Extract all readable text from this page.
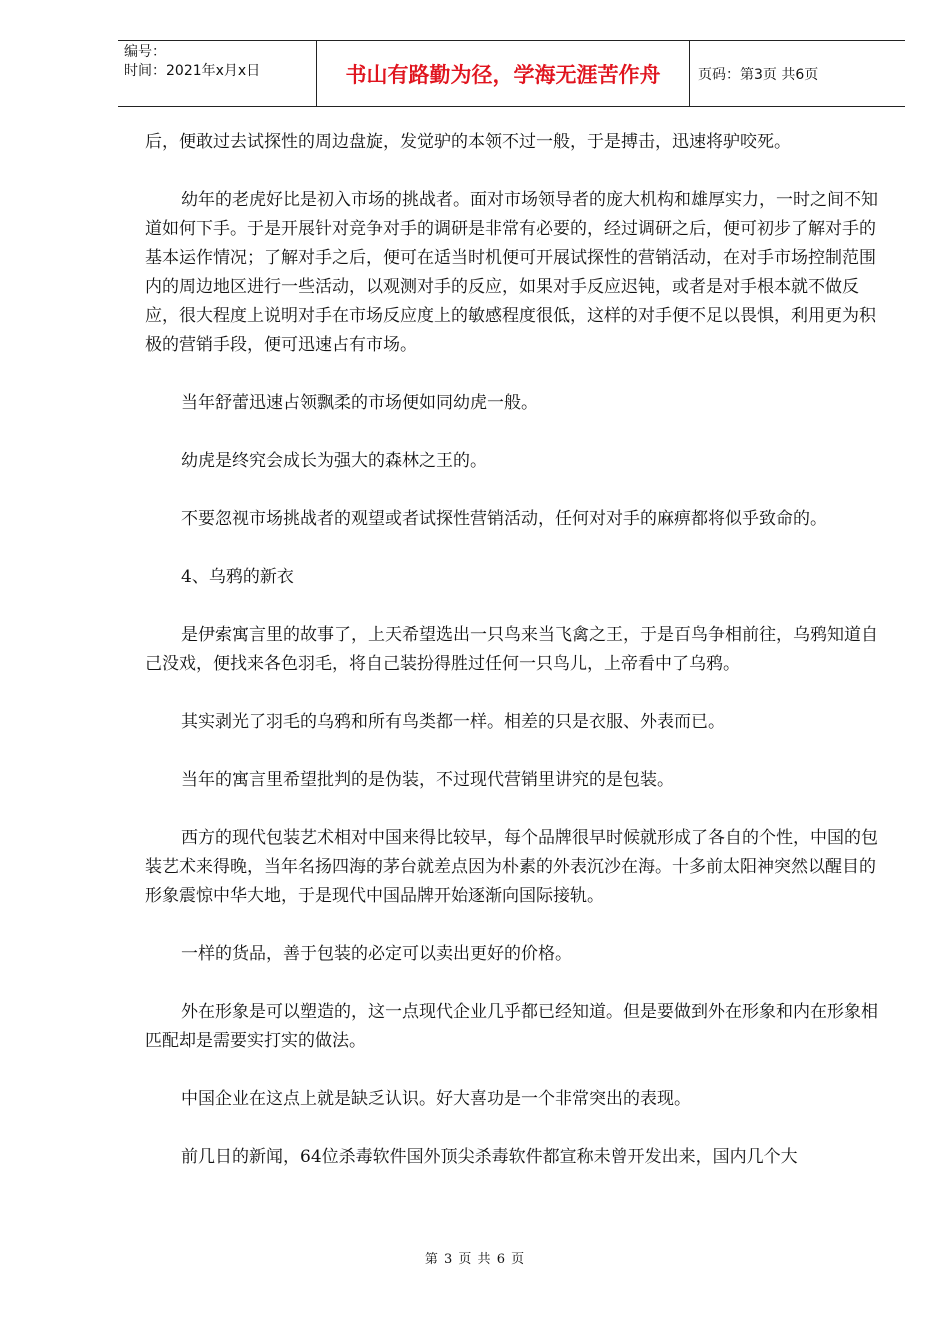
编号：
时间：2021年x月x日	书山有路勤为径，学海无涯苦作舟	页码：第3页 共6页

后，便敢过去试探性的周边盘旋，发觉驴的本领不过一般，于是搏击，迅速将驴咬死。

幼年的老虎好比是初入市场的挑战者。面对市场领导者的庞大机构和雄厚实力，一时之间不知道如何下手。于是开展针对竞争对手的调研是非常有必要的，经过调研之后，便可初步了解对手的基本运作情况；了解对手之后，便可在适当时机便可开展试探性的营销活动，在对手市场控制范围内的周边地区进行一些活动，以观测对手的反应，如果对手反应迟钝，或者是对手根本就不做反应，很大程度上说明对手在市场反应度上的敏感程度很低，这样的对手便不足以畏惧，利用更为积极的营销手段，便可迅速占有市场。

当年舒蕾迅速占领飘柔的市场便如同幼虎一般。

幼虎是终究会成长为强大的森林之王的。

不要忽视市场挑战者的观望或者试探性营销活动，任何对对手的麻痹都将似乎致命的。

4、乌鸦的新衣

是伊索寓言里的故事了，上天希望选出一只鸟来当飞禽之王，于是百鸟争相前往，乌鸦知道自己没戏，便找来各色羽毛，将自己装扮得胜过任何一只鸟儿，上帝看中了乌鸦。

其实剥光了羽毛的乌鸦和所有鸟类都一样。相差的只是衣服、外表而已。

当年的寓言里希望批判的是伪装，不过现代营销里讲究的是包装。

西方的现代包装艺术相对中国来得比较早，每个品牌很早时候就形成了各自的个性，中国的包装艺术来得晚，当年名扬四海的茅台就差点因为朴素的外表沉沙在海。十多前太阳神突然以醒目的形象震惊中华大地，于是现代中国品牌开始逐渐向国际接轨。

一样的货品，善于包装的必定可以卖出更好的价格。

外在形象是可以塑造的，这一点现代企业几乎都已经知道。但是要做到外在形象和内在形象相匹配却是需要实打实的做法。

中国企业在这点上就是缺乏认识。好大喜功是一个非常突出的表现。

前几日的新闻，64位杀毒软件国外顶尖杀毒软件都宣称未曾开发出来，国内几个大

第 3 页 共 6 页
